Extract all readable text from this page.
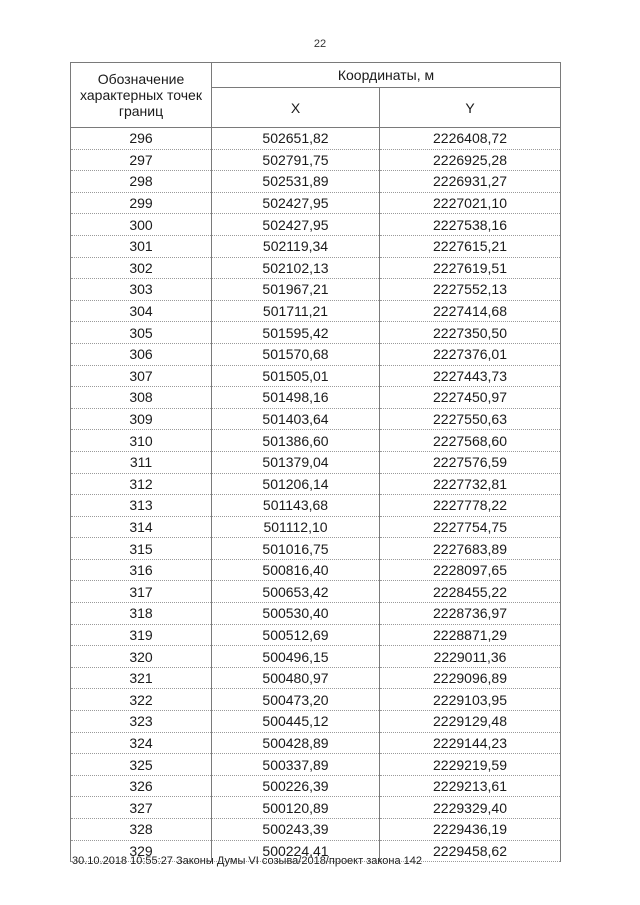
22
Обозначение характерных точек границ	Координаты, м	
	X	Y
296	502651,82	2226408,72
297	502791,75	2226925,28
298	502531,89	2226931,27
299	502427,95	2227021,10
300	502427,95	2227538,16
301	502119,34	2227615,21
302	502102,13	2227619,51
303	501967,21	2227552,13
304	501711,21	2227414,68
305	501595,42	2227350,50
306	501570,68	2227376,01
307	501505,01	2227443,73
308	501498,16	2227450,97
309	501403,64	2227550,63
310	501386,60	2227568,60
311	501379,04	2227576,59
312	501206,14	2227732,81
313	501143,68	2227778,22
314	501112,10	2227754,75
315	501016,75	2227683,89
316	500816,40	2228097,65
317	500653,42	2228455,22
318	500530,40	2228736,97
319	500512,69	2228871,29
320	500496,15	2229011,36
321	500480,97	2229096,89
322	500473,20	2229103,95
323	500445,12	2229129,48
324	500428,89	2229144,23
325	500337,89	2229219,59
326	500226,39	2229213,61
327	500120,89	2229329,40
328	500243,39	2229436,19
329	500224,41	2229458,62
30.10.2018 10:55:27 Законы Думы VI созыва/2018/проект закона 142
